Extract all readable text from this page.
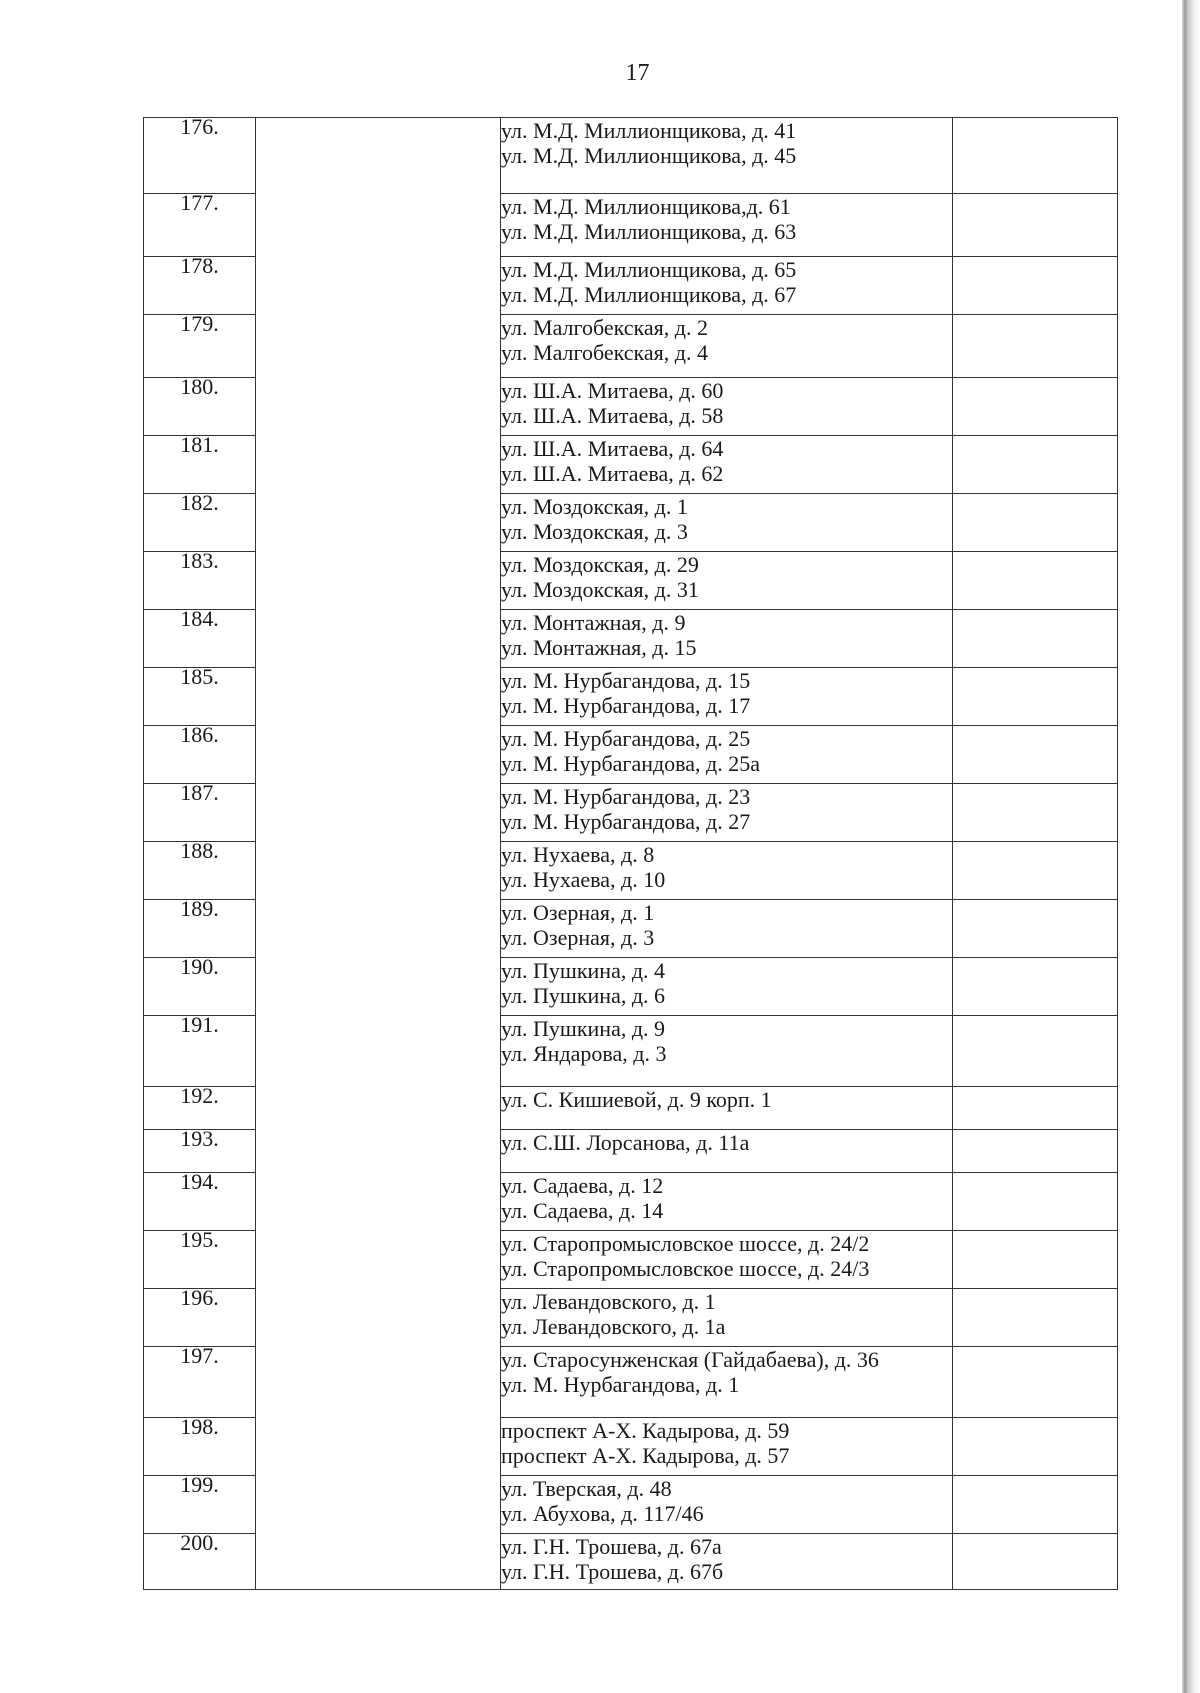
17
176.		ул. М.Д. Миллионщикова, д. 41
ул. М.Д. Миллионщикова, д. 45	

177.		ул. М.Д. Миллионщикова,д. 61
ул. М.Д. Миллионщикова, д. 63	

178.		ул. М.Д. Миллионщикова, д. 65
ул. М.Д. Миллионщикова, д. 67	

179.		ул. Малгобекская, д. 2
ул. Малгобекская, д. 4	

180.		ул. Ш.А. Митаева, д. 60
ул. Ш.А. Митаева, д. 58	

181.		ул. Ш.А. Митаева, д. 64
ул. Ш.А. Митаева, д. 62	

182.		ул. Моздокская, д. 1
ул. Моздокская, д. 3	

183.		ул. Моздокская, д. 29
ул. Моздокская, д. 31	

184.		ул. Монтажная, д. 9
ул. Монтажная, д. 15	

185.		ул. М. Нурбагандова, д. 15
ул. М. Нурбагандова, д. 17	

186.		ул. М. Нурбагандова, д. 25
ул. М. Нурбагандова, д. 25а	

187.		ул. М. Нурбагандова, д. 23
ул. М. Нурбагандова, д. 27	

188.		ул. Нухаева, д. 8
ул. Нухаева, д. 10	

189.		ул. Озерная, д. 1
ул. Озерная, д. 3	

190.		ул. Пушкина, д. 4
ул. Пушкина, д. 6	

191.		ул. Пушкина, д. 9
ул. Яндарова, д. 3	

192.		ул. С. Кишиевой, д. 9 корп. 1	

193.		ул. С.Ш. Лорсанова, д. 11а	

194.		ул. Садаева, д. 12
ул. Садаева, д. 14	

195.		ул. Старопромысловское шоссе, д. 24/2
ул. Старопромысловское шоссе, д. 24/3	

196.		ул. Левандовского, д. 1
ул. Левандовского, д. 1а	

197.		ул. Старосунженская (Гайдабаева), д. 36
ул. М. Нурбагандова, д. 1	

198.		проспект А-Х. Кадырова, д. 59
проспект А-Х. Кадырова, д. 57	

199.		ул. Тверская, д. 48
ул. Абухова, д. 117/46	

200.		ул. Г.Н. Трошева, д. 67а
ул. Г.Н. Трошева, д. 67б	
